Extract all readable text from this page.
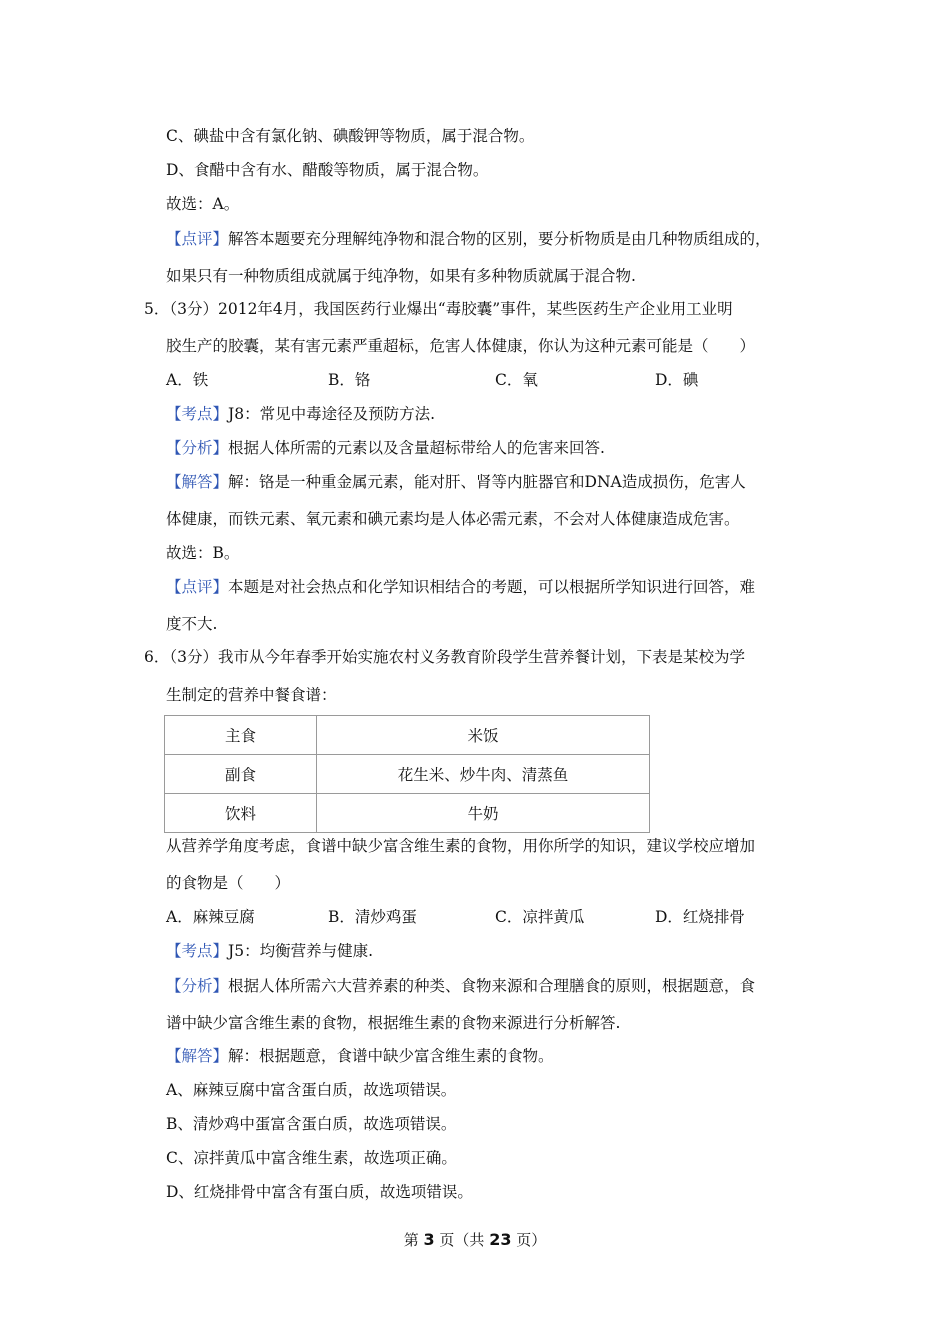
C、碘盐中含有氯化钠、碘酸钾等物质，属于混合物。
D、食醋中含有水、醋酸等物质，属于混合物。
故选：A。
【点评】解答本题要充分理解纯净物和混合物的区别，要分析物质是由几种物质组成的，
如果只有一种物质组成就属于纯净物，如果有多种物质就属于混合物.
5．（3分）2012年4月，我国医药行业爆出“毒胶囊”事件，某些医药生产企业用工业明
胶生产的胶囊，某有害元素严重超标，危害人体健康，你认为这种元素可能是（　　）
A．铁	B．铬	C．氧	D．碘
【考点】J8：常见中毒途径及预防方法.
【分析】根据人体所需的元素以及含量超标带给人的危害来回答.
【解答】解：铬是一种重金属元素，能对肝、肾等内脏器官和DNA造成损伤，危害人
体健康，而铁元素、氧元素和碘元素均是人体必需元素，不会对人体健康造成危害。
故选：B。
【点评】本题是对社会热点和化学知识相结合的考题，可以根据所学知识进行回答，难
度不大.
6．（3分）我市从今年春季开始实施农村义务教育阶段学生营养餐计划，下表是某校为学
生制定的营养中餐食谱：
主食	米饭
副食	花生米、炒牛肉、清蒸鱼
饮料	牛奶
从营养学角度考虑，食谱中缺少富含维生素的食物，用你所学的知识，建议学校应增加
的食物是（　　）
A．麻辣豆腐	B．清炒鸡蛋	C．凉拌黄瓜	D．红烧排骨
【考点】J5：均衡营养与健康.
【分析】根据人体所需六大营养素的种类、食物来源和合理膳食的原则，根据题意，食
谱中缺少富含维生素的食物，根据维生素的食物来源进行分析解答.
【解答】解：根据题意，食谱中缺少富含维生素的食物。
A、麻辣豆腐中富含蛋白质，故选项错误。
B、清炒鸡中蛋富含蛋白质，故选项错误。
C、凉拌黄瓜中富含维生素，故选项正确。
D、红烧排骨中富含有蛋白质，故选项错误。
第 3 页（共 23 页）
